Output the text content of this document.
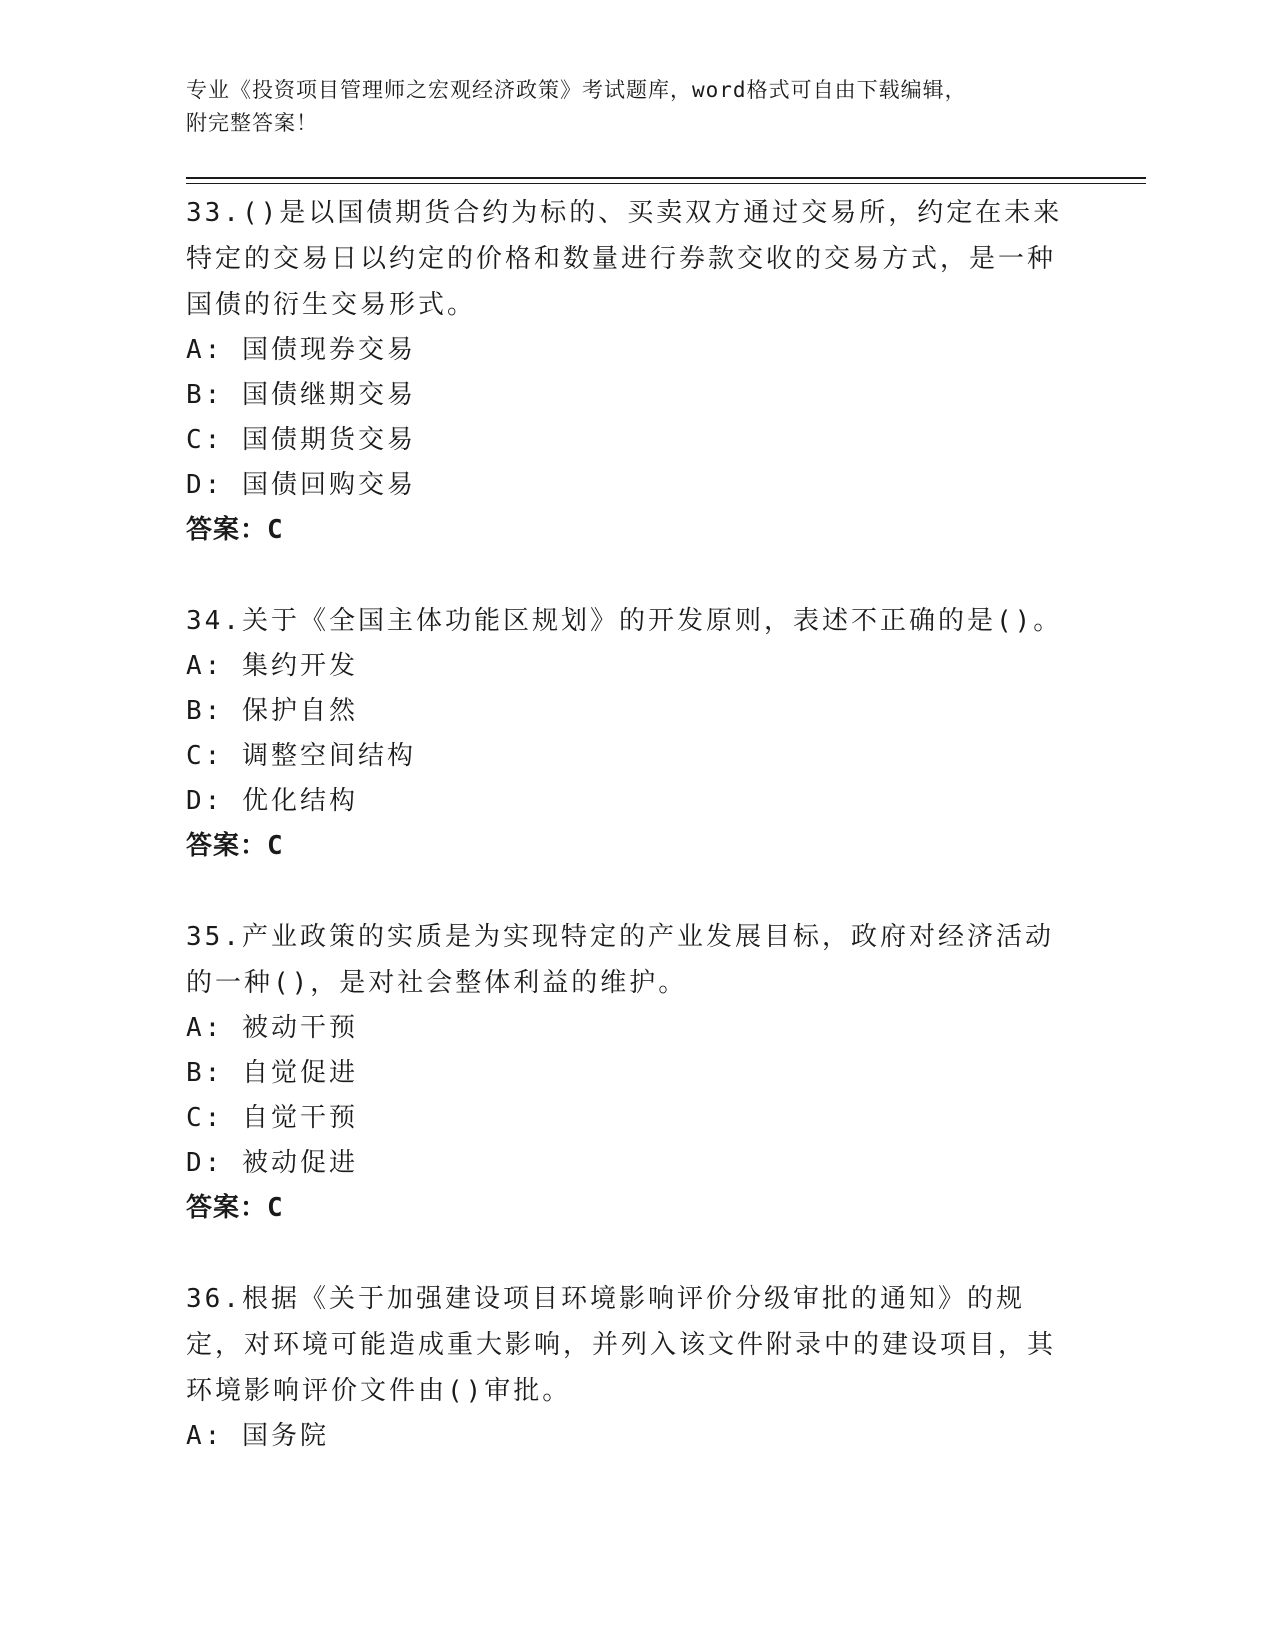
专业《投资项目管理师之宏观经济政策》考试题库，word格式可自由下载编辑，
附完整答案！
33.()是以国债期货合约为标的、买卖双方通过交易所，约定在未来特定的交易日以约定的价格和数量进行券款交收的交易方式，是一种国债的衍生交易形式。
A: 国债现券交易
B: 国债继期交易
C: 国债期货交易
D: 国债回购交易
答案：C
34.关于《全国主体功能区规划》的开发原则，表述不正确的是()。
A: 集约开发
B: 保护自然
C: 调整空间结构
D: 优化结构
答案：C
35.产业政策的实质是为实现特定的产业发展目标，政府对经济活动的一种()，是对社会整体利益的维护。
A: 被动干预
B: 自觉促进
C: 自觉干预
D: 被动促进
答案：C
36.根据《关于加强建设项目环境影响评价分级审批的通知》的规定，对环境可能造成重大影响，并列入该文件附录中的建设项目，其环境影响评价文件由()审批。
A: 国务院
